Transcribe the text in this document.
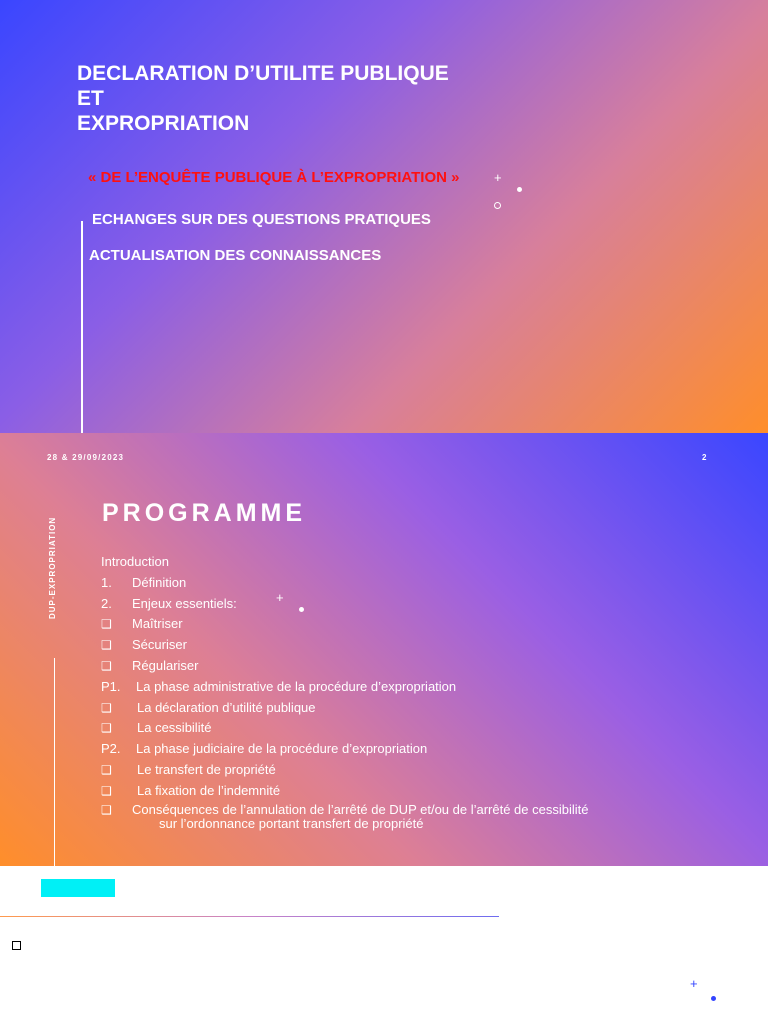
DECLARATION D’UTILITE PUBLIQUE
ET
EXPROPRIATION
« DE L’ENQUÊTE PUBLIQUE À L’EXPROPRIATION »	+
ECHANGES SUR DES QUESTIONS PRATIQUES
ACTUALISATION DES CONNAISSANCES
28 & 29/09/2023	2
DUP-EXPROPRIATION
PROGRAMME
+
Introduction
1. Définition
2. Enjeux essentiels:
❑ Maîtriser
❑ Sécuriser
❑ Régulariser
P1. La phase administrative de la procédure d’expropriation
❑ La déclaration d’utilité publique
❑ La cessibilité
P2. La phase judiciaire de la procédure d’expropriation
❑ Le transfert de propriété
❑ La fixation de l’indemnité
❑ Conséquences de l’annulation de l’arrêté de DUP et/ou de l’arrêté de cessibilité
sur l’ordonnance portant transfert de propriété
+
